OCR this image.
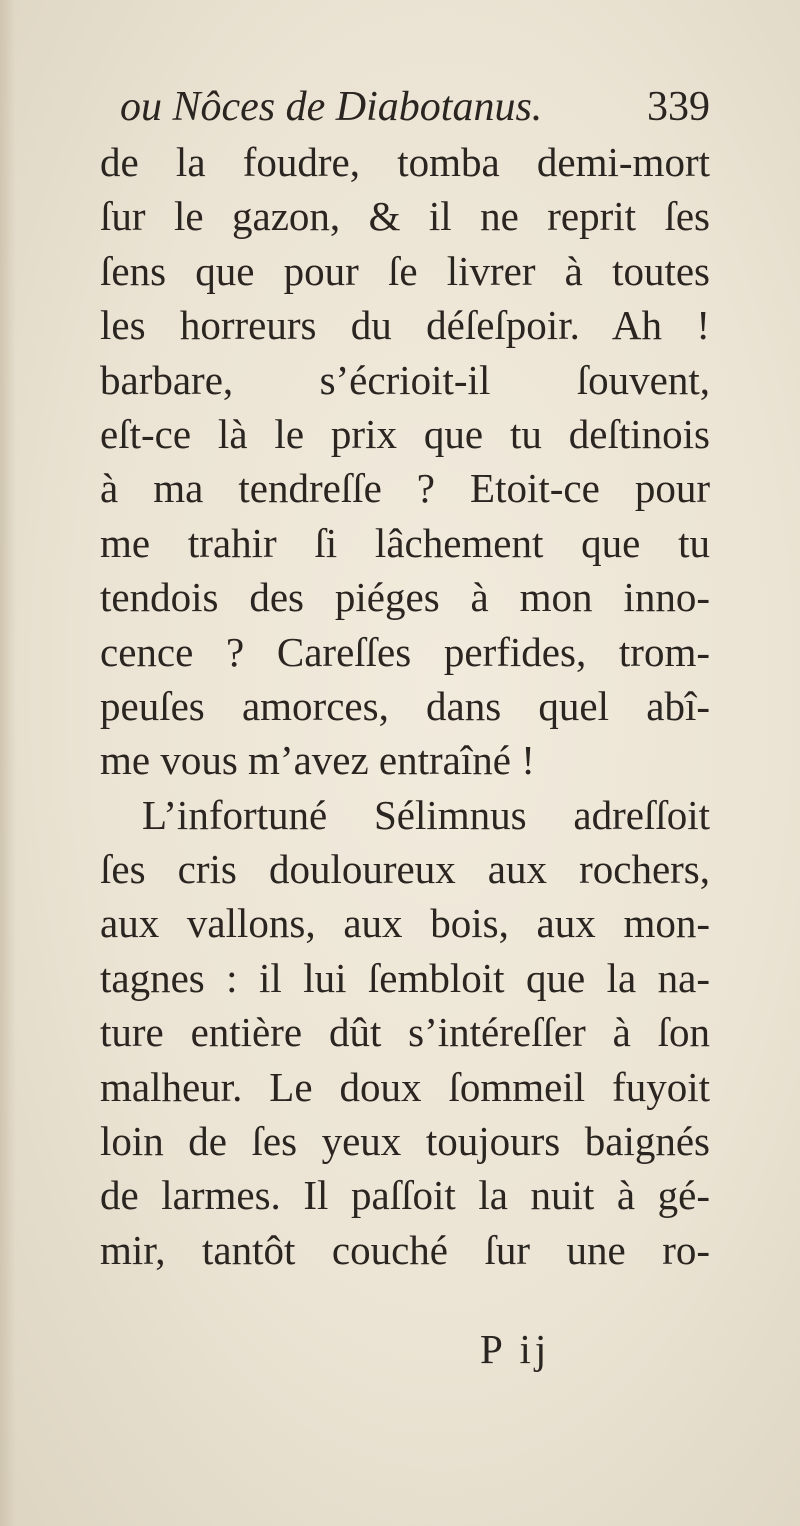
ou Nôces de Diabotanus. 339
de la foudre, tomba demi-mort
ſur le gazon, & il ne reprit ſes
ſens que pour ſe livrer à toutes
les horreurs du déſeſpoir. Ah !
barbare, s’écrioit-il ſouvent,
eſt-ce là le prix que tu deſtinois
à ma tendreſſe ? Etoit-ce pour
me trahir ſi lâchement que tu
tendois des piéges à mon inno-
cence ? Careſſes perfides, trom-
peuſes amorces, dans quel abî-
me vous m’avez entraîné !
L’infortuné Sélimnus adreſſoit
ſes cris douloureux aux rochers,
aux vallons, aux bois, aux mon-
tagnes : il lui ſembloit que la na-
ture entière dût s’intéreſſer à ſon
malheur. Le doux ſommeil fuyoit
loin de ſes yeux toujours baignés
de larmes. Il paſſoit la nuit à gé-
mir, tantôt couché ſur une ro-
P ij
